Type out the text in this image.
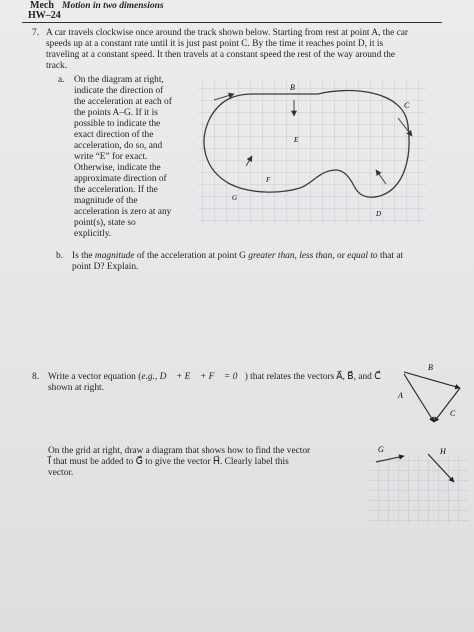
Mech Motion in two dimensions
HW–24
7. A car travels clockwise once around the track shown below. Starting from rest at point A, the car
speeds up at a constant rate until it is just past point C. By the time it reaches point D, it is
traveling at a constant speed. It then travels at a constant speed the rest of the way around the
track.
a. On the diagram at right,
indicate the direction of
the acceleration at each of
the points A–G. If it is
possible to indicate the
exact direction of the
acceleration, do so, and
write “E” for exact.
Otherwise, indicate the
approximate direction of
the acceleration. If the
magnitude of the
acceleration is zero at any
point(s), state so
explicitly.
B
C
E
F
G
D
b. Is the magnitude of the acceleration at point G greater than, less than, or equal to that at
point D? Explain.
8. Write a vector equation (e.g., D⃗ + E⃗ + F⃗ = 0⃗) that relates the vectors A⃗, B⃗, and C⃗
shown at right.
B⃗
A⃗
C⃗
On the grid at right, draw a diagram that shows how to find the vector
I⃗ that must be added to G⃗ to give the vector H⃗. Clearly label this
vector.
G⃗	H⃗
